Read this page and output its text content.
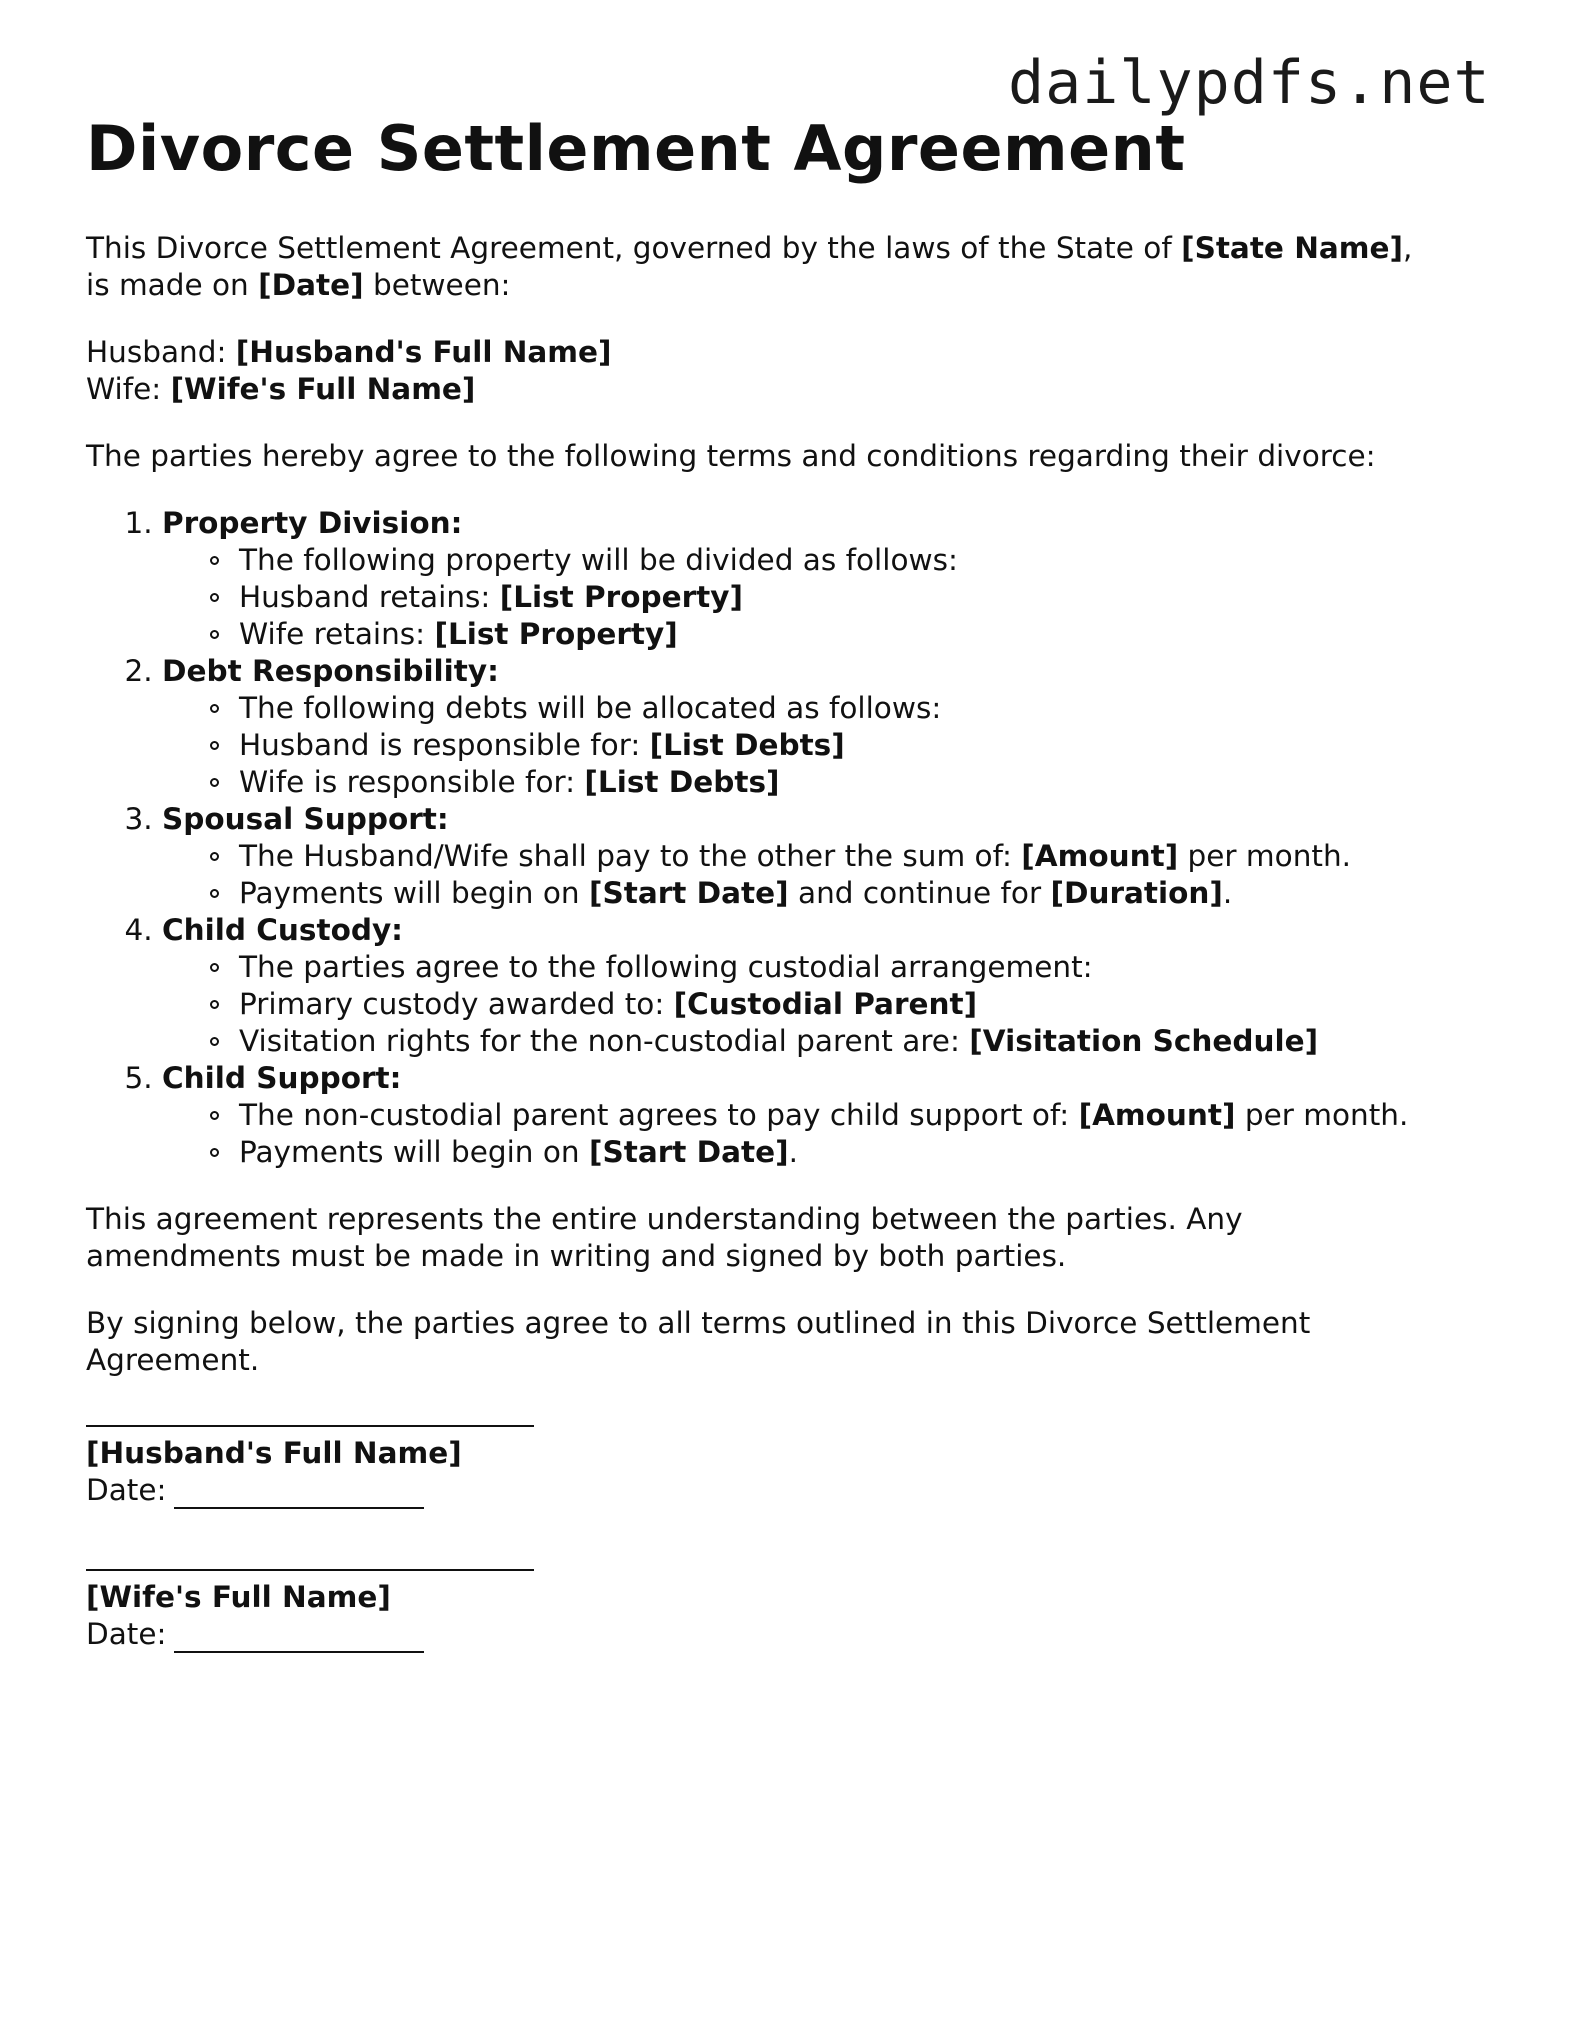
dailypdfs.net
Divorce Settlement Agreement

This Divorce Settlement Agreement, governed by the laws of the State of [State Name],
is made on [Date] between:

Husband: [Husband's Full Name]
Wife: [Wife's Full Name]

The parties hereby agree to the following terms and conditions regarding their divorce:

1. Property Division:
The following property will be divided as follows:
Husband retains: [List Property]
Wife retains: [List Property]
2. Debt Responsibility:
The following debts will be allocated as follows:
Husband is responsible for: [List Debts]
Wife is responsible for: [List Debts]
3. Spousal Support:
The Husband/Wife shall pay to the other the sum of: [Amount] per month.
Payments will begin on [Start Date] and continue for [Duration].
4. Child Custody:
The parties agree to the following custodial arrangement:
Primary custody awarded to: [Custodial Parent]
Visitation rights for the non-custodial parent are: [Visitation Schedule]
5. Child Support:
The non-custodial parent agrees to pay child support of: [Amount] per month.
Payments will begin on [Start Date].

This agreement represents the entire understanding between the parties. Any amendments must be made in writing and signed by both parties.

By signing below, the parties agree to all terms outlined in this Divorce Settlement Agreement.

[Husband's Full Name]

Date:

[Wife's Full Name]

Date:
